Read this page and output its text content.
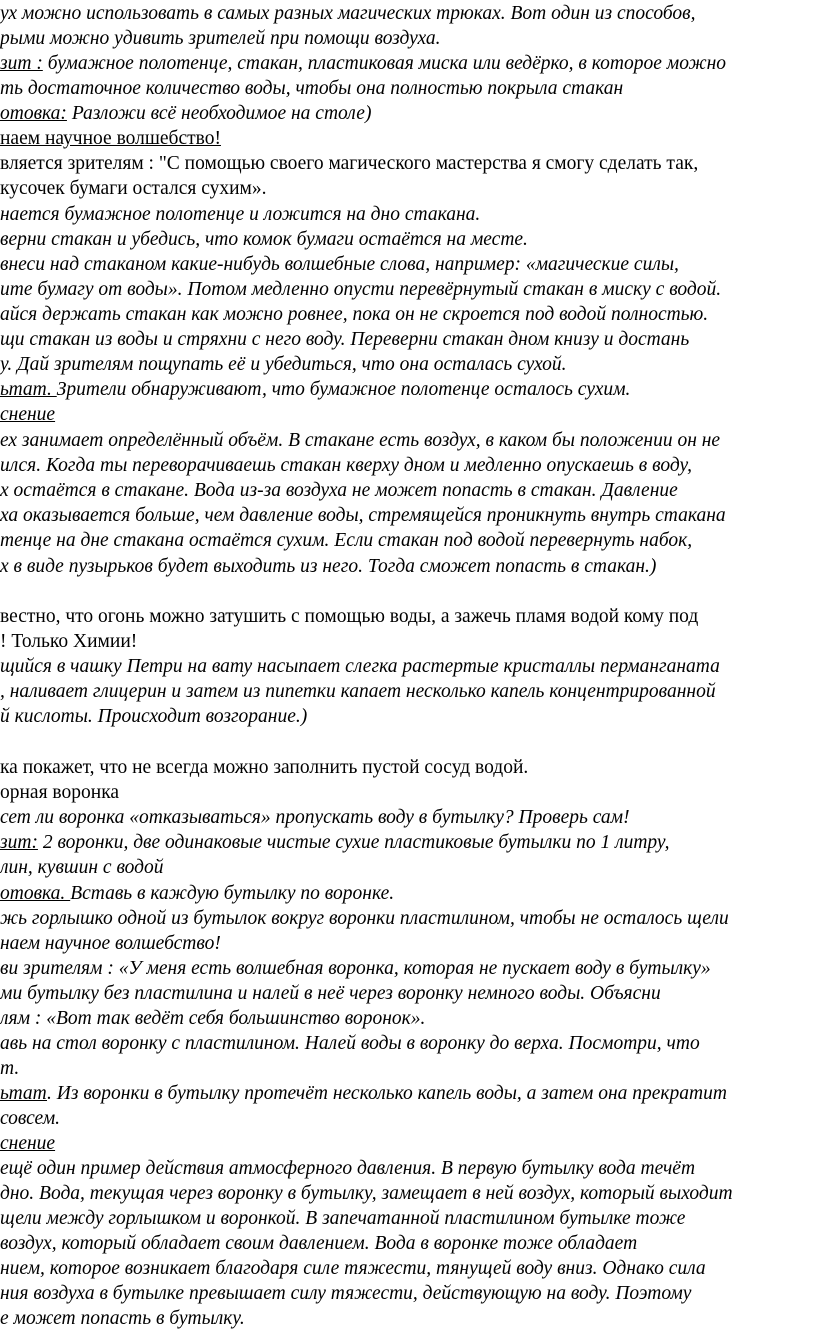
ух можно использовать в самых разных магических трюках. Вот один из способов,
рыми можно удивить зрителей при помощи воздуха.
зит : бумажное полотенце, стакан, пластиковая миска или ведёрко, в которое можно
ть достаточное количество воды, чтобы она полностью покрыла стакан
отовка: Разложи всё необходимое на столе)
наем научное волшебство!
вляется зрителям : "С помощью своего магического мастерства я смогу сделать так,
кусочек бумаги остался сухим».
нается бумажное полотенце и ложится на дно стакана.
верни стакан и убедись, что комок бумаги остаётся на месте.
внеси над стаканом какие-нибудь волшебные слова, например: «магические силы,
ите бумагу от воды». Потом медленно опусти перевёрнутый стакан в миску с водой.
айся держать стакан как можно ровнее, пока он не скроется под водой полностью.
щи стакан из воды и стряхни с него воду. Переверни стакан дном книзу и достань
у. Дай зрителям пощупать её и убедиться, что она осталась сухой.
ьтат. Зрители обнаруживают, что бумажное полотенце осталось сухим.
снение
ех занимает определённый объём. В стакане есть воздух, в каком бы положении он не
ился. Когда ты переворачиваешь стакан кверху дном и медленно опускаешь в воду,
х остаётся в стакане. Вода из-за воздуха не может попасть в стакан. Давление
ха оказывается больше, чем давление воды, стремящейся проникнуть внутрь стакана
тенце на дне стакана остаётся сухим. Если стакан под водой перевернуть набок,
х в виде пузырьков будет выходить из него. Тогда сможет попасть в стакан.)
вестно, что огонь можно затушить с помощью воды, а зажечь пламя водой кому под
! Только Химии!
щийся в чашку Петри на вату насыпает слегка растертые кристаллы перманганата
, наливает глицерин и затем из пипетки капает несколько капель концентрированной
й кислоты. Происходит возгорание.)
ка покажет, что не всегда можно заполнить пустой сосуд водой.
орная воронка
сет ли воронка «отказываться» пропускать воду в бутылку? Проверь сам!
зит: 2 воронки, две одинаковые чистые сухие пластиковые бутылки по 1 литру,
лин, кувшин с водой
отовка. Вставь в каждую бутылку по воронке.
жь горлышко одной из бутылок вокруг воронки пластилином, чтобы не осталось щели
наем научное волшебство!
ви зрителям : «У меня есть волшебная воронка, которая не пускает воду в бутылку»
ми бутылку без пластилина и налей в неё через воронку немного воды. Объясни
лям : «Вот так ведёт себя большинство воронок».
авь на стол воронку с пластилином. Налей воды в воронку до верха. Посмотри, что
т.
ьтат. Из воронки в бутылку протечёт несколько капель воды, а затем она прекратит
совсем.
снение
ещё один пример действия атмосферного давления. В первую бутылку вода течёт
дно. Вода, текущая через воронку в бутылку, замещает в ней воздух, который выходит
щели между горлышком и воронкой. В запечатанной пластилином бутылке тоже
воздух, который обладает своим давлением. Вода в воронке тоже обладает
нием, которое возникает благодаря силе тяжести, тянущей воду вниз. Однако сила
ния воздуха в бутылке превышает силу тяжести, действующую на воду. Поэтому
е может попасть в бутылку.
